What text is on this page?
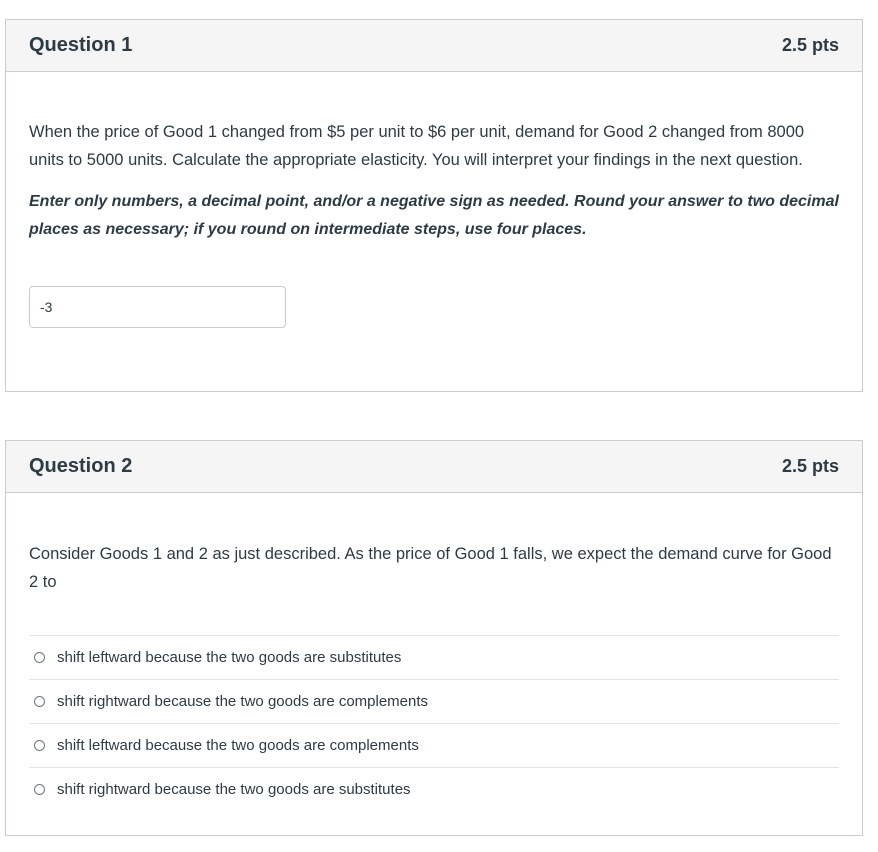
Question 1	2.5 pts

When the price of Good 1 changed from $5 per unit to $6 per unit, demand for Good 2 changed from 8000 units to 5000 units. Calculate the appropriate elasticity. You will interpret your findings in the next question.

Enter only numbers, a decimal point, and/or a negative sign as needed. Round your answer to two decimal places as necessary; if you round on intermediate steps, use four places.

-3
Question 2	2.5 pts

Consider Goods 1 and 2 as just described. As the price of Good 1 falls, we expect the demand curve for Good 2 to

shift leftward because the two goods are substitutes
shift rightward because the two goods are complements
shift leftward because the two goods are complements
shift rightward because the two goods are substitutes
